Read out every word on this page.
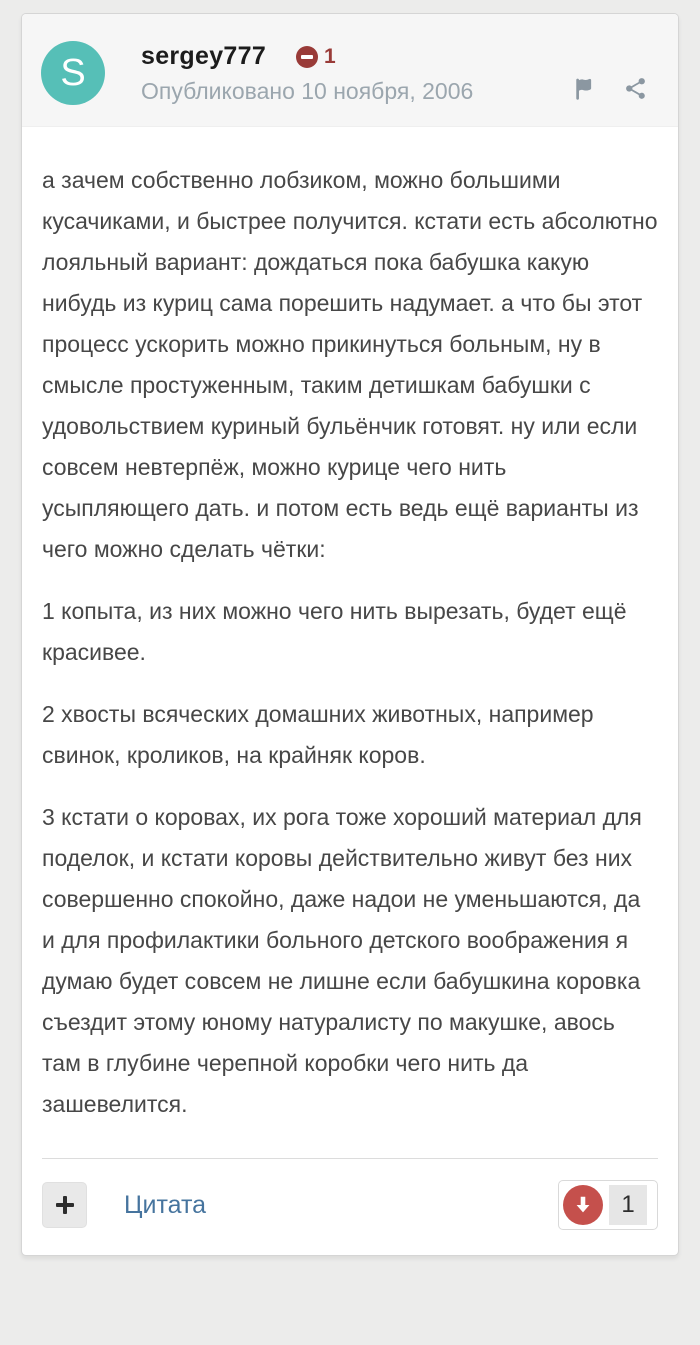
S	sergey777	1
Опубликовано 10 ноября, 2006

а зачем собственно лобзиком, можно большими кусачиками, и быстрее получится. кстати есть абсолютно лояльный вариант: дождаться пока бабушка какую нибудь из куриц сама порешить надумает. а что бы этот процесс ускорить можно прикинуться больным, ну в смысле простуженным, таким детишкам бабушки с удовольствием куриный бульёнчик готовят. ну или если совсем невтерпёж, можно курице чего нить усыпляющего дать. и потом есть ведь ещё варианты из чего можно сделать чётки:

1 копыта, из них можно чего нить вырезать, будет ещё красивее.

2 хвосты всяческих домашних животных, например свинок, кроликов, на крайняк коров.

3 кстати о коровах, их рога тоже хороший материал для поделок, и кстати коровы действительно живут без них совершенно спокойно, даже надои не уменьшаются, да и для профилактики больного детского воображения я думаю будет совсем не лишне если бабушкина коровка съездит этому юному натуралисту по макушке, авось там в глубине черепной коробки чего нить да зашевелится.

Цитата	1
